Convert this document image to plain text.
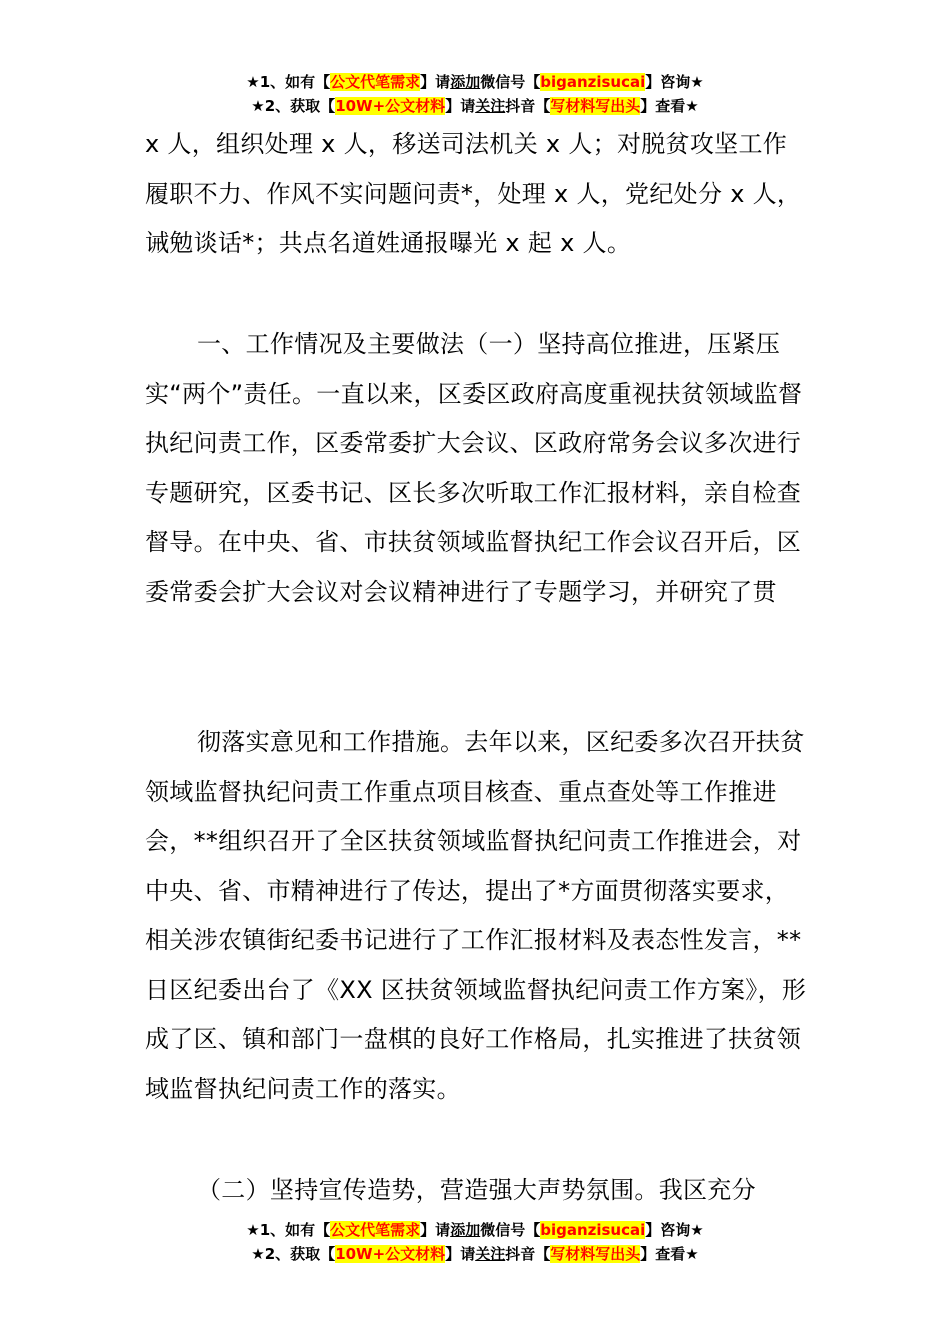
★1、如有【公文代笔需求】请添加微信号【biganzisucai】咨询★
★2、获取【10W+公文材料】请关注抖音【写材料写出头】查看★

x 人，组织处理 x 人，移送司法机关 x 人；对脱贫攻坚工作履职不力、作风不实问题问责*，处理 x 人，党纪处分 x 人，诫勉谈话*；共点名道姓通报曝光 x 起 x 人。

一、工作情况及主要做法（一）坚持高位推进，压紧压实“两个”责任。一直以来，区委区政府高度重视扶贫领域监督执纪问责工作，区委常委扩大会议、区政府常务会议多次进行专题研究，区委书记、区长多次听取工作汇报材料，亲自检查督导。在中央、省、市扶贫领域监督执纪工作会议召开后，区委常委会扩大会议对会议精神进行了专题学习，并研究了贯

彻落实意见和工作措施。去年以来，区纪委多次召开扶贫领域监督执纪问责工作重点项目核查、重点查处等工作推进会，**组织召开了全区扶贫领域监督执纪问责工作推进会，对中央、省、市精神进行了传达，提出了*方面贯彻落实要求，相关涉农镇街纪委书记进行了工作汇报材料及表态性发言，**日区纪委出台了《XX 区扶贫领域监督执纪问责工作方案》，形成了区、镇和部门一盘棋的良好工作格局，扎实推进了扶贫领域监督执纪问责工作的落实。

（二）坚持宣传造势，营造强大声势氛围。我区充分

★1、如有【公文代笔需求】请添加微信号【biganzisucai】咨询★
★2、获取【10W+公文材料】请关注抖音【写材料写出头】查看★
